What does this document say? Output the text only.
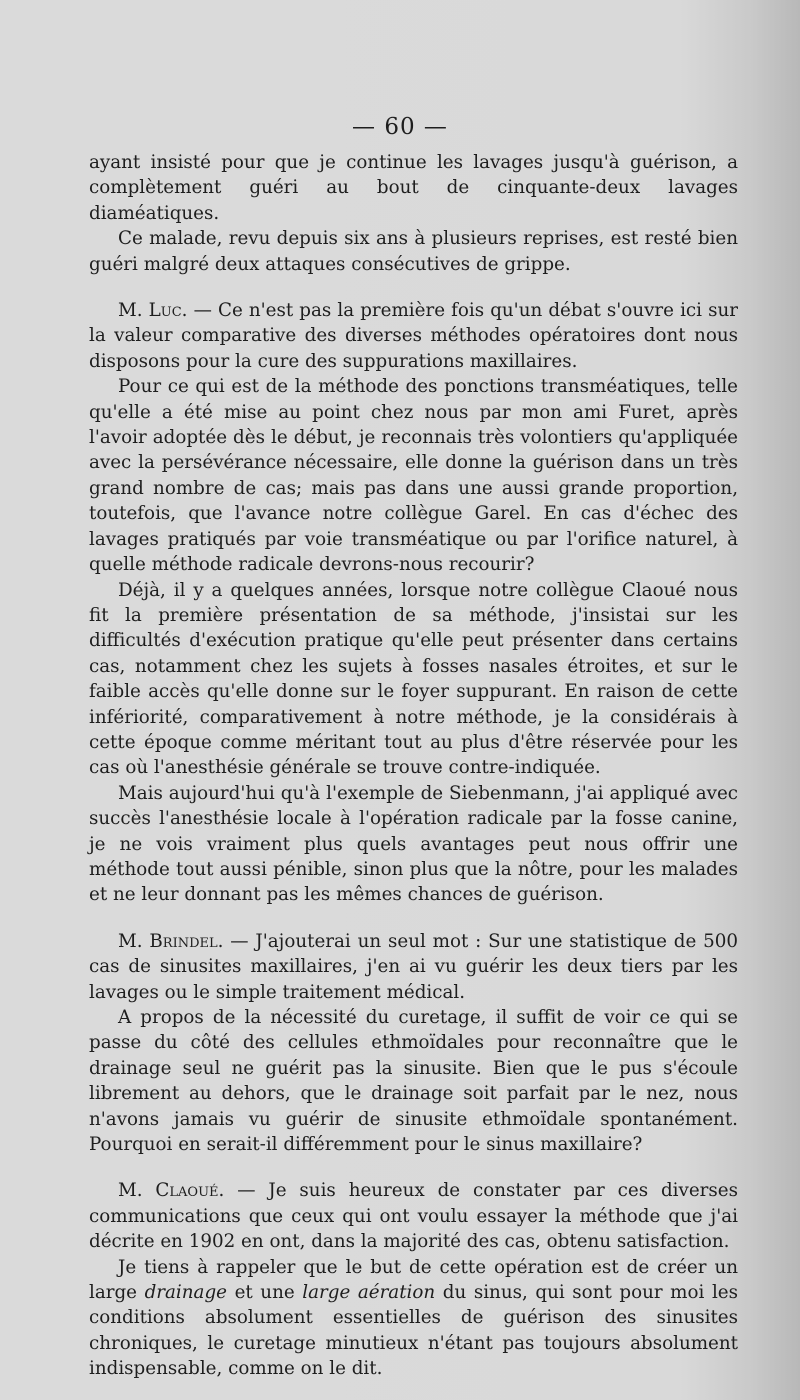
— 60 —

ayant insisté pour que je continue les lavages jusqu'à guérison, a complètement guéri au bout de cinquante-deux lavages diaméatiques.

Ce malade, revu depuis six ans à plusieurs reprises, est resté bien guéri malgré deux attaques consécutives de grippe.

M. Luc. — Ce n'est pas la première fois qu'un débat s'ouvre ici sur la valeur comparative des diverses méthodes opératoires dont nous disposons pour la cure des suppurations maxillaires.

Pour ce qui est de la méthode des ponctions transméatiques, telle qu'elle a été mise au point chez nous par mon ami Furet, après l'avoir adoptée dès le début, je reconnais très volontiers qu'appliquée avec la persévérance nécessaire, elle donne la guérison dans un très grand nombre de cas; mais pas dans une aussi grande proportion, toutefois, que l'avance notre collègue Garel. En cas d'échec des lavages pratiqués par voie transméatique ou par l'orifice naturel, à quelle méthode radicale devrons-nous recourir?

Déjà, il y a quelques années, lorsque notre collègue Claoué nous fit la première présentation de sa méthode, j'insistai sur les difficultés d'exécution pratique qu'elle peut présenter dans certains cas, notamment chez les sujets à fosses nasales étroites, et sur le faible accès qu'elle donne sur le foyer suppurant. En raison de cette infériorité, comparativement à notre méthode, je la considérais à cette époque comme méritant tout au plus d'être réservée pour les cas où l'anesthésie générale se trouve contre-indiquée.

Mais aujourd'hui qu'à l'exemple de Siebenmann, j'ai appliqué avec succès l'anesthésie locale à l'opération radicale par la fosse canine, je ne vois vraiment plus quels avantages peut nous offrir une méthode tout aussi pénible, sinon plus que la nôtre, pour les malades et ne leur donnant pas les mêmes chances de guérison.

M. Brindel. — J'ajouterai un seul mot : Sur une statistique de 500 cas de sinusites maxillaires, j'en ai vu guérir les deux tiers par les lavages ou le simple traitement médical.

A propos de la nécessité du curetage, il suffit de voir ce qui se passe du côté des cellules ethmoïdales pour reconnaître que le drainage seul ne guérit pas la sinusite. Bien que le pus s'écoule librement au dehors, que le drainage soit parfait par le nez, nous n'avons jamais vu guérir de sinusite ethmoïdale spontanément. Pourquoi en serait-il différemment pour le sinus maxillaire?

M. Claoué. — Je suis heureux de constater par ces diverses communications que ceux qui ont voulu essayer la méthode que j'ai décrite en 1902 en ont, dans la majorité des cas, obtenu satisfaction.

Je tiens à rappeler que le but de cette opération est de créer un large drainage et une large aération du sinus, qui sont pour moi les conditions absolument essentielles de guérison des sinusites chroniques, le curetage minutieux n'étant pas toujours absolument indispensable, comme on le dit.
